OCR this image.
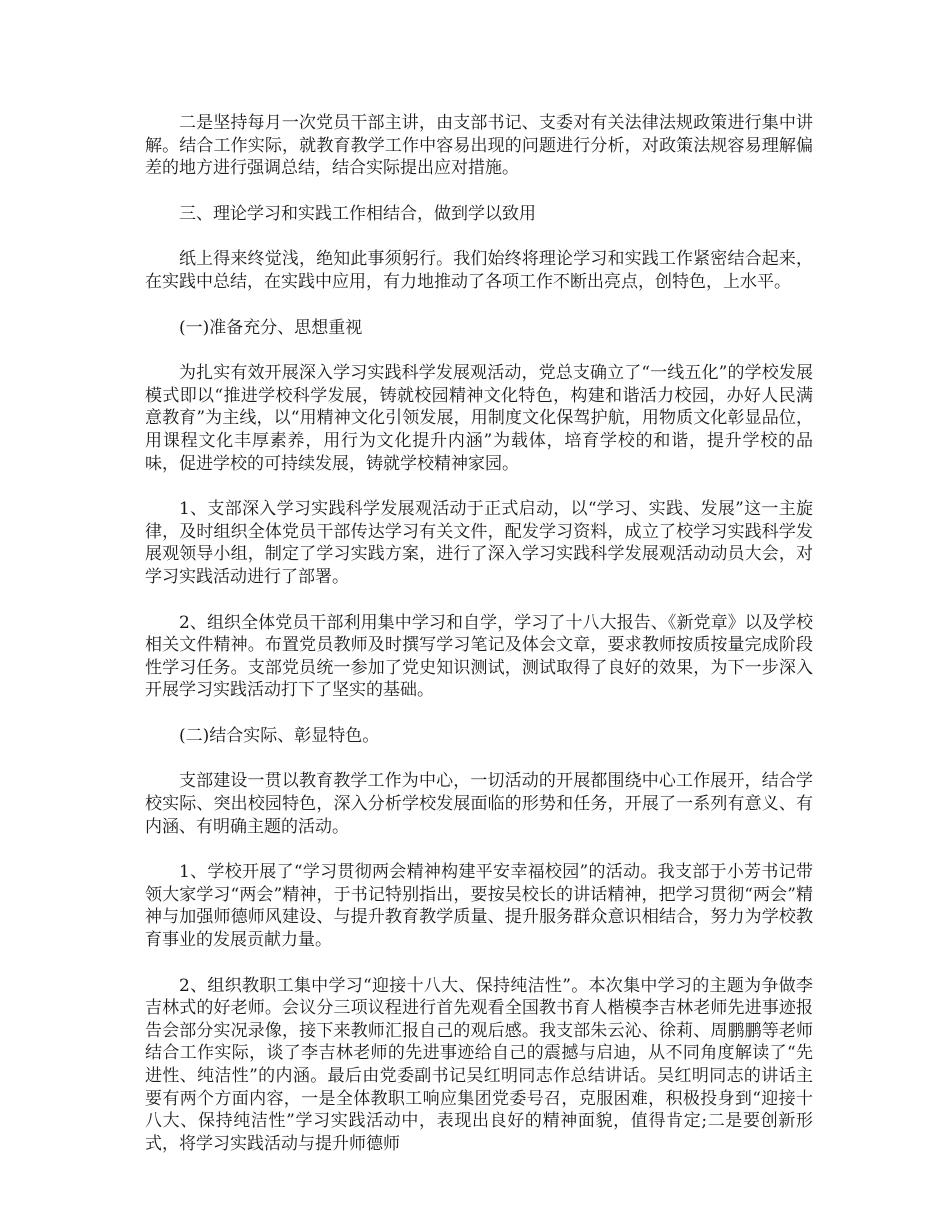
二是坚持每月一次党员干部主讲，由支部书记、支委对有关法律法规政策进行集中讲解。结合工作实际，就教育教学工作中容易出现的问题进行分析，对政策法规容易理解偏差的地方进行强调总结，结合实际提出应对措施。

三、理论学习和实践工作相结合，做到学以致用

纸上得来终觉浅，绝知此事须躬行。我们始终将理论学习和实践工作紧密结合起来，在实践中总结，在实践中应用，有力地推动了各项工作不断出亮点，创特色，上水平。

(一)准备充分、思想重视

为扎实有效开展深入学习实践科学发展观活动，党总支确立了“一线五化”的学校发展模式即以“推进学校科学发展，铸就校园精神文化特色，构建和谐活力校园，办好人民满意教育”为主线，以“用精神文化引领发展，用制度文化保驾护航，用物质文化彰显品位，用课程文化丰厚素养，用行为文化提升内涵”为载体，培育学校的和谐，提升学校的品味，促进学校的可持续发展，铸就学校精神家园。

1、支部深入学习实践科学发展观活动于正式启动，以“学习、实践、发展”这一主旋律，及时组织全体党员干部传达学习有关文件，配发学习资料，成立了校学习实践科学发展观领导小组，制定了学习实践方案，进行了深入学习实践科学发展观活动动员大会，对学习实践活动进行了部署。

2、组织全体党员干部利用集中学习和自学，学习了十八大报告、《新党章》以及学校相关文件精神。布置党员教师及时撰写学习笔记及体会文章，要求教师按质按量完成阶段性学习任务。支部党员统一参加了党史知识测试，测试取得了良好的效果，为下一步深入开展学习实践活动打下了坚实的基础。

(二)结合实际、彰显特色。

支部建设一贯以教育教学工作为中心，一切活动的开展都围绕中心工作展开，结合学校实际、突出校园特色，深入分析学校发展面临的形势和任务，开展了一系列有意义、有内涵、有明确主题的活动。

1、学校开展了“学习贯彻两会精神构建平安幸福校园”的活动。我支部于小芳书记带领大家学习“两会”精神，于书记特别指出，要按吴校长的讲话精神，把学习贯彻“两会”精神与加强师德师风建设、与提升教育教学质量、提升服务群众意识相结合，努力为学校教育事业的发展贡献力量。

2、组织教职工集中学习“迎接十八大、保持纯洁性”。本次集中学习的主题为争做李吉林式的好老师。会议分三项议程进行首先观看全国教书育人楷模李吉林老师先进事迹报告会部分实况录像，接下来教师汇报自己的观后感。我支部朱云沁、徐莉、周鹏鹏等老师结合工作实际，谈了李吉林老师的先进事迹给自己的震撼与启迪，从不同角度解读了“先进性、纯洁性”的内涵。最后由党委副书记吴红明同志作总结讲话。吴红明同志的讲话主要有两个方面内容，一是全体教职工响应集团党委号召，克服困难，积极投身到“迎接十八大、保持纯洁性”学习实践活动中，表现出良好的精神面貌，值得肯定;二是要创新形式，将学习实践活动与提升师德师
